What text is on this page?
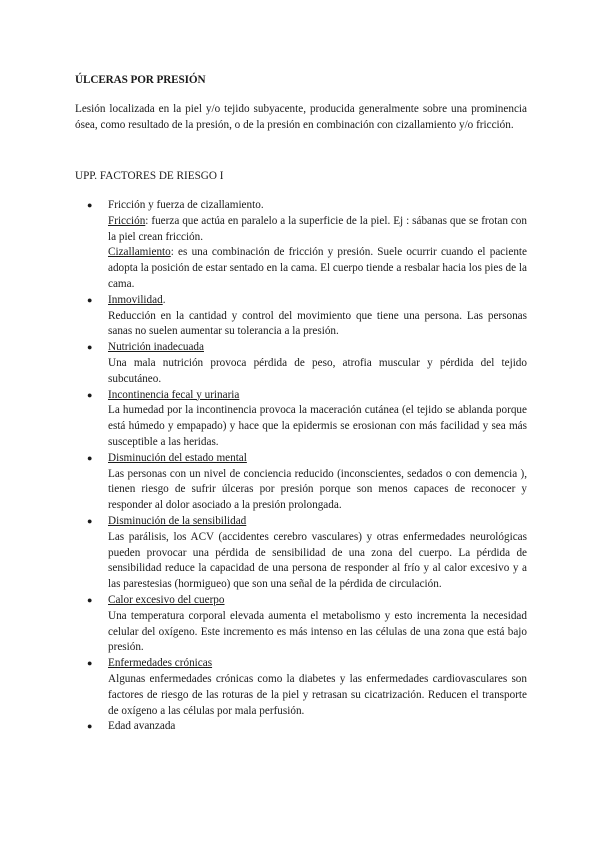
ÚLCERAS POR PRESIÓN

Lesión localizada en la piel y/o tejido subyacente, producida generalmente sobre una prominencia ósea, como resultado de la presión, o de la presión en combinación con cizallamiento y/o fricción.

UPP. FACTORES DE RIESGO I

● Fricción y fuerza de cizallamiento.
Fricción: fuerza que actúa en paralelo a la superficie de la piel. Ej : sábanas que se frotan con la piel crean fricción.
Cizallamiento: es una combinación de fricción y presión. Suele ocurrir cuando el paciente adopta la posición de estar sentado en la cama. El cuerpo tiende a resbalar hacia los pies de la cama.
● Inmovilidad.
Reducción en la cantidad y control del movimiento que tiene una persona. Las personas sanas no suelen aumentar su tolerancia a la presión.
● Nutrición inadecuada
Una mala nutrición provoca pérdida de peso, atrofia muscular y pérdida del tejido subcutáneo.
● Incontinencia fecal y urinaria
La humedad por la incontinencia provoca la maceración cutánea (el tejido se ablanda porque está húmedo y empapado) y hace que la epidermis se erosionan con más facilidad y sea más susceptible a las heridas.
● Disminución del estado mental
Las personas con un nivel de conciencia reducido (inconscientes, sedados o con demencia ), tienen riesgo de sufrir úlceras por presión porque son menos capaces de reconocer y responder al dolor asociado a la presión prolongada.
● Disminución de la sensibilidad
Las parálisis, los ACV (accidentes cerebro vasculares) y otras enfermedades neurológicas pueden provocar una pérdida de sensibilidad de una zona del cuerpo. La pérdida de sensibilidad reduce la capacidad de una persona de responder al frío y al calor excesivo y a las parestesias (hormigueo) que son una señal de la pérdida de circulación.
● Calor excesivo del cuerpo
Una temperatura corporal elevada aumenta el metabolismo y esto incrementa la necesidad celular del oxígeno. Este incremento es más intenso en las células de una zona que está bajo presión.
● Enfermedades crónicas
Algunas enfermedades crónicas como la diabetes y las enfermedades cardiovasculares son factores de riesgo de las roturas de la piel y retrasan su cicatrización. Reducen el transporte de oxígeno a las células por mala perfusión.
● Edad avanzada
